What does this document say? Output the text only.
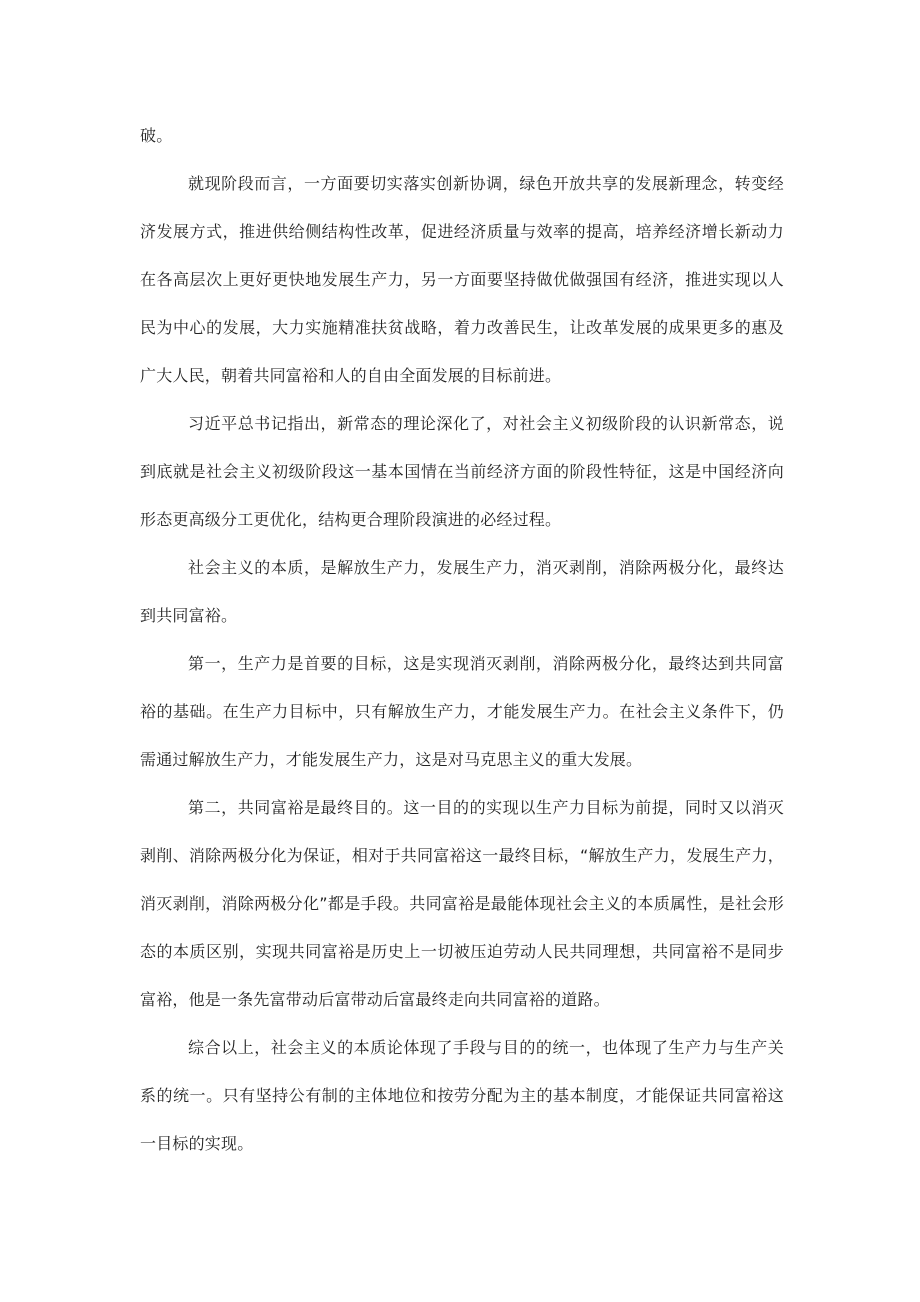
破。

就现阶段而言，一方面要切实落实创新协调，绿色开放共享的发展新理念，转变经济发展方式，推进供给侧结构性改革，促进经济质量与效率的提高，培养经济增长新动力在各高层次上更好更快地发展生产力，另一方面要坚持做优做强国有经济，推进实现以人民为中心的发展，大力实施精准扶贫战略，着力改善民生，让改革发展的成果更多的惠及广大人民，朝着共同富裕和人的自由全面发展的目标前进。

习近平总书记指出，新常态的理论深化了，对社会主义初级阶段的认识新常态，说到底就是社会主义初级阶段这一基本国情在当前经济方面的阶段性特征，这是中国经济向形态更高级分工更优化，结构更合理阶段演进的必经过程。

社会主义的本质，是解放生产力，发展生产力，消灭剥削，消除两极分化，最终达到共同富裕。

第一，生产力是首要的目标，这是实现消灭剥削，消除两极分化，最终达到共同富裕的基础。在生产力目标中，只有解放生产力，才能发展生产力。在社会主义条件下，仍需通过解放生产力，才能发展生产力，这是对马克思主义的重大发展。

第二，共同富裕是最终目的。这一目的的实现以生产力目标为前提，同时又以消灭剥削、消除两极分化为保证，相对于共同富裕这一最终目标，“解放生产力，发展生产力，消灭剥削，消除两极分化”都是手段。共同富裕是最能体现社会主义的本质属性，是社会形态的本质区别，实现共同富裕是历史上一切被压迫劳动人民共同理想，共同富裕不是同步富裕，他是一条先富带动后富带动后富最终走向共同富裕的道路。

综合以上，社会主义的本质论体现了手段与目的的统一，也体现了生产力与生产关系的统一。只有坚持公有制的主体地位和按劳分配为主的基本制度，才能保证共同富裕这一目标的实现。
